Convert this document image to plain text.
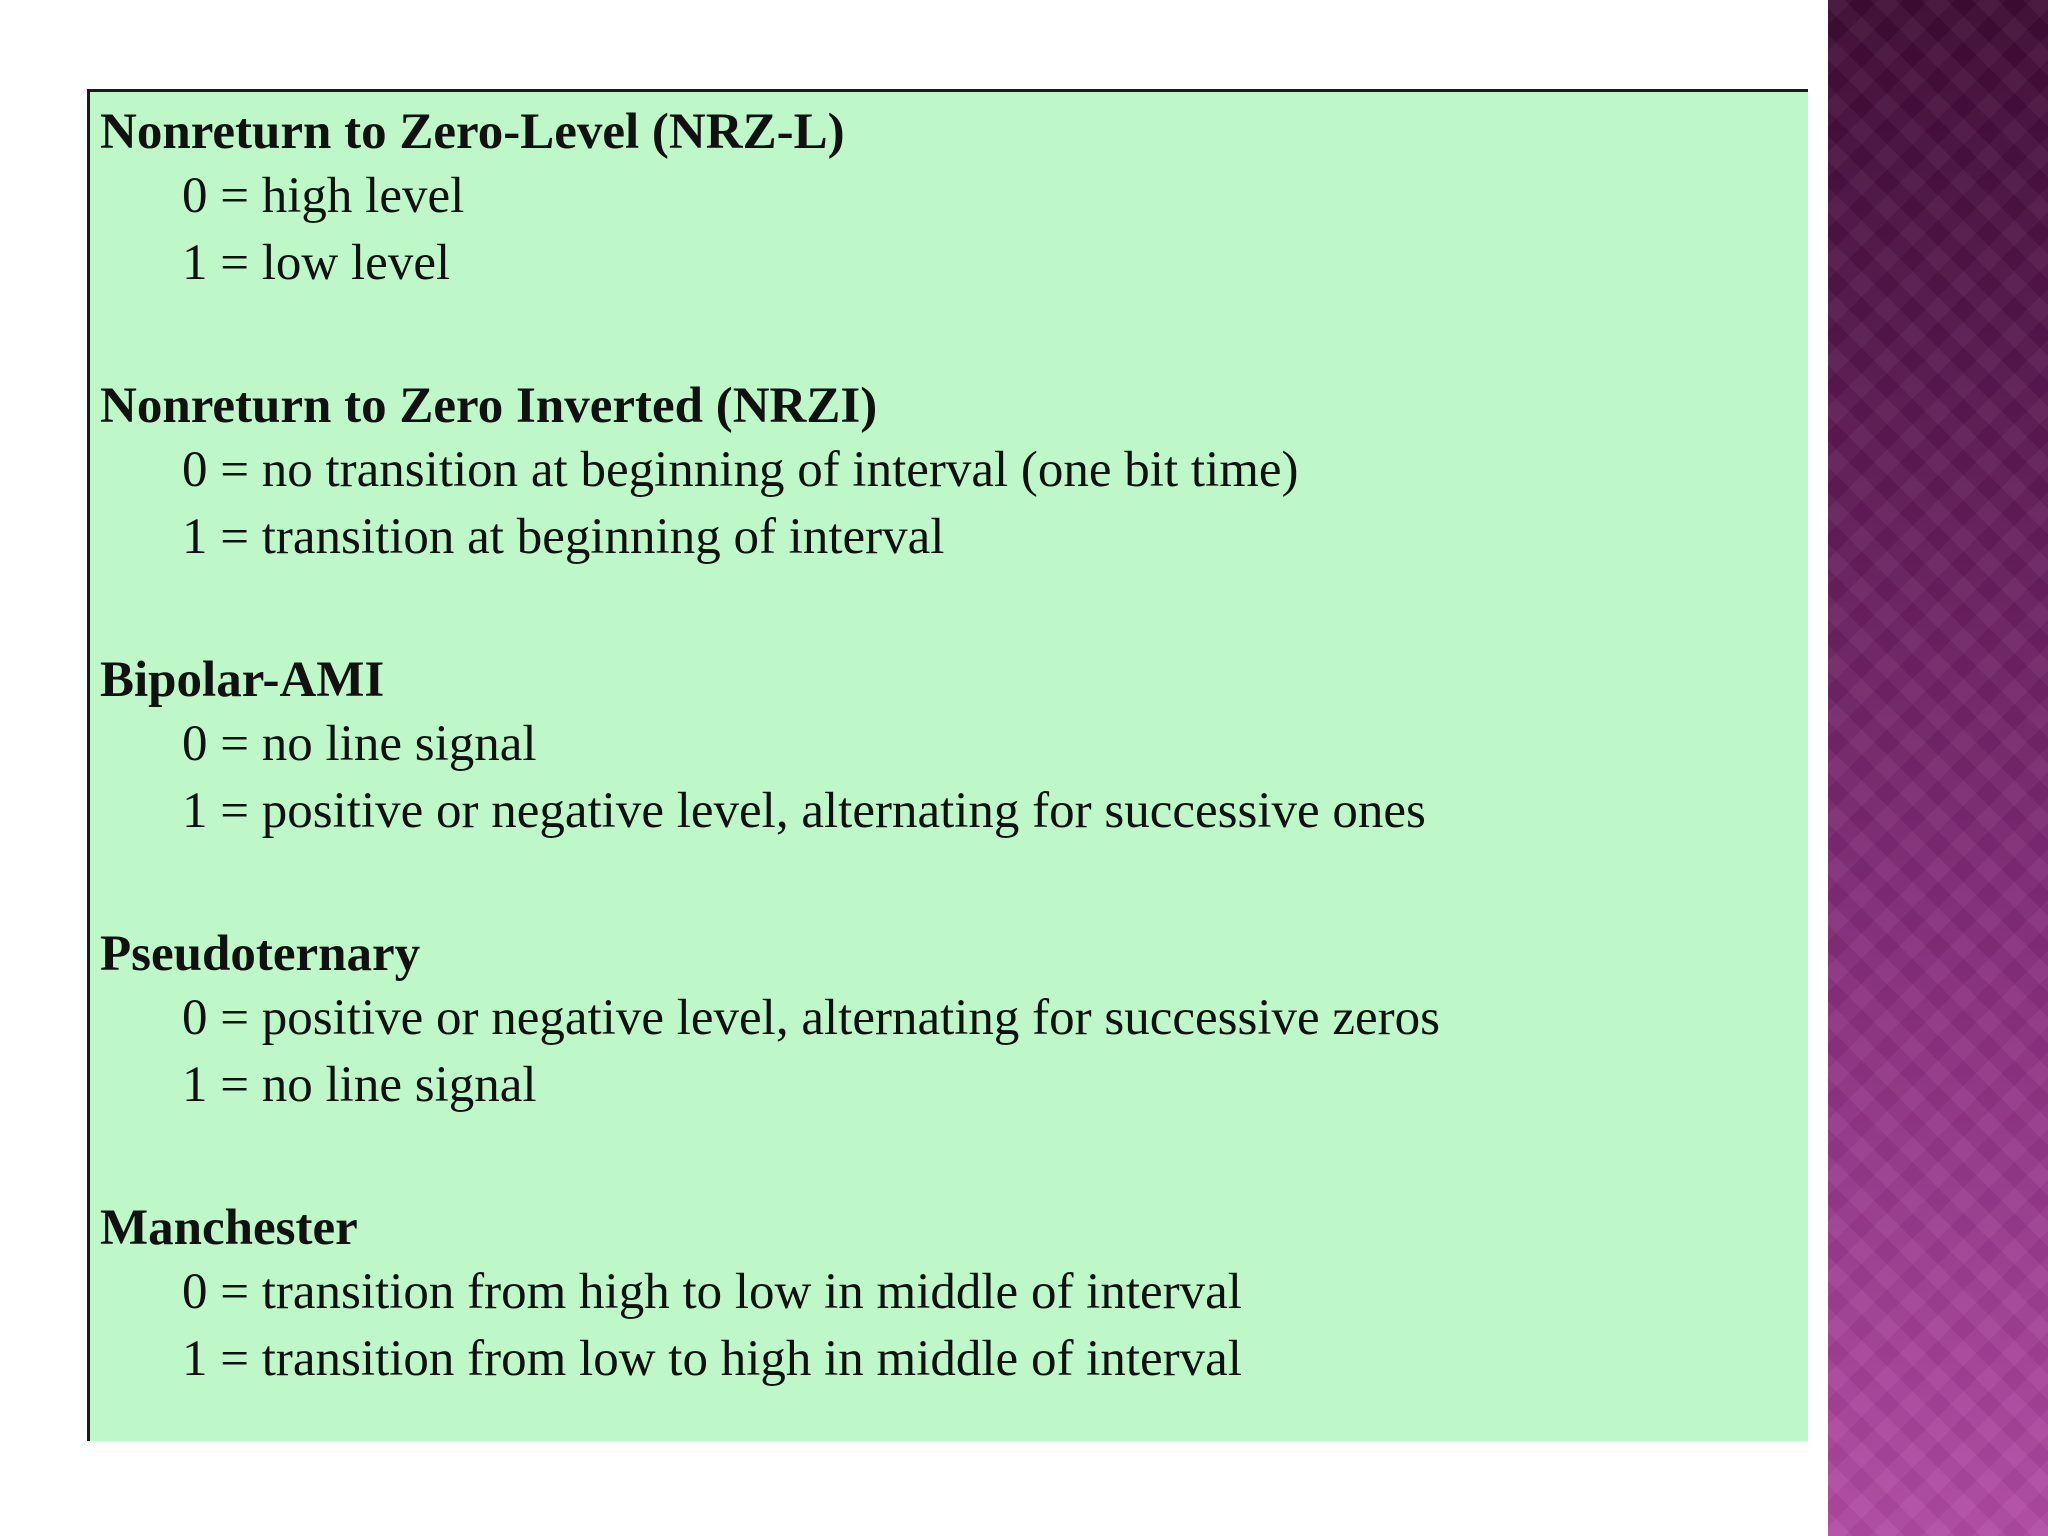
Nonreturn to Zero-Level (NRZ-L)
0 = high level
1 = low level
Nonreturn to Zero Inverted (NRZI)
0 = no transition at beginning of interval (one bit time)
1 = transition at beginning of interval
Bipolar-AMI
0 = no line signal
1 = positive or negative level, alternating for successive ones
Pseudoternary
0 = positive or negative level, alternating for successive zeros
1 = no line signal
Manchester
0 = transition from high to low in middle of interval
1 = transition from low to high in middle of interval
